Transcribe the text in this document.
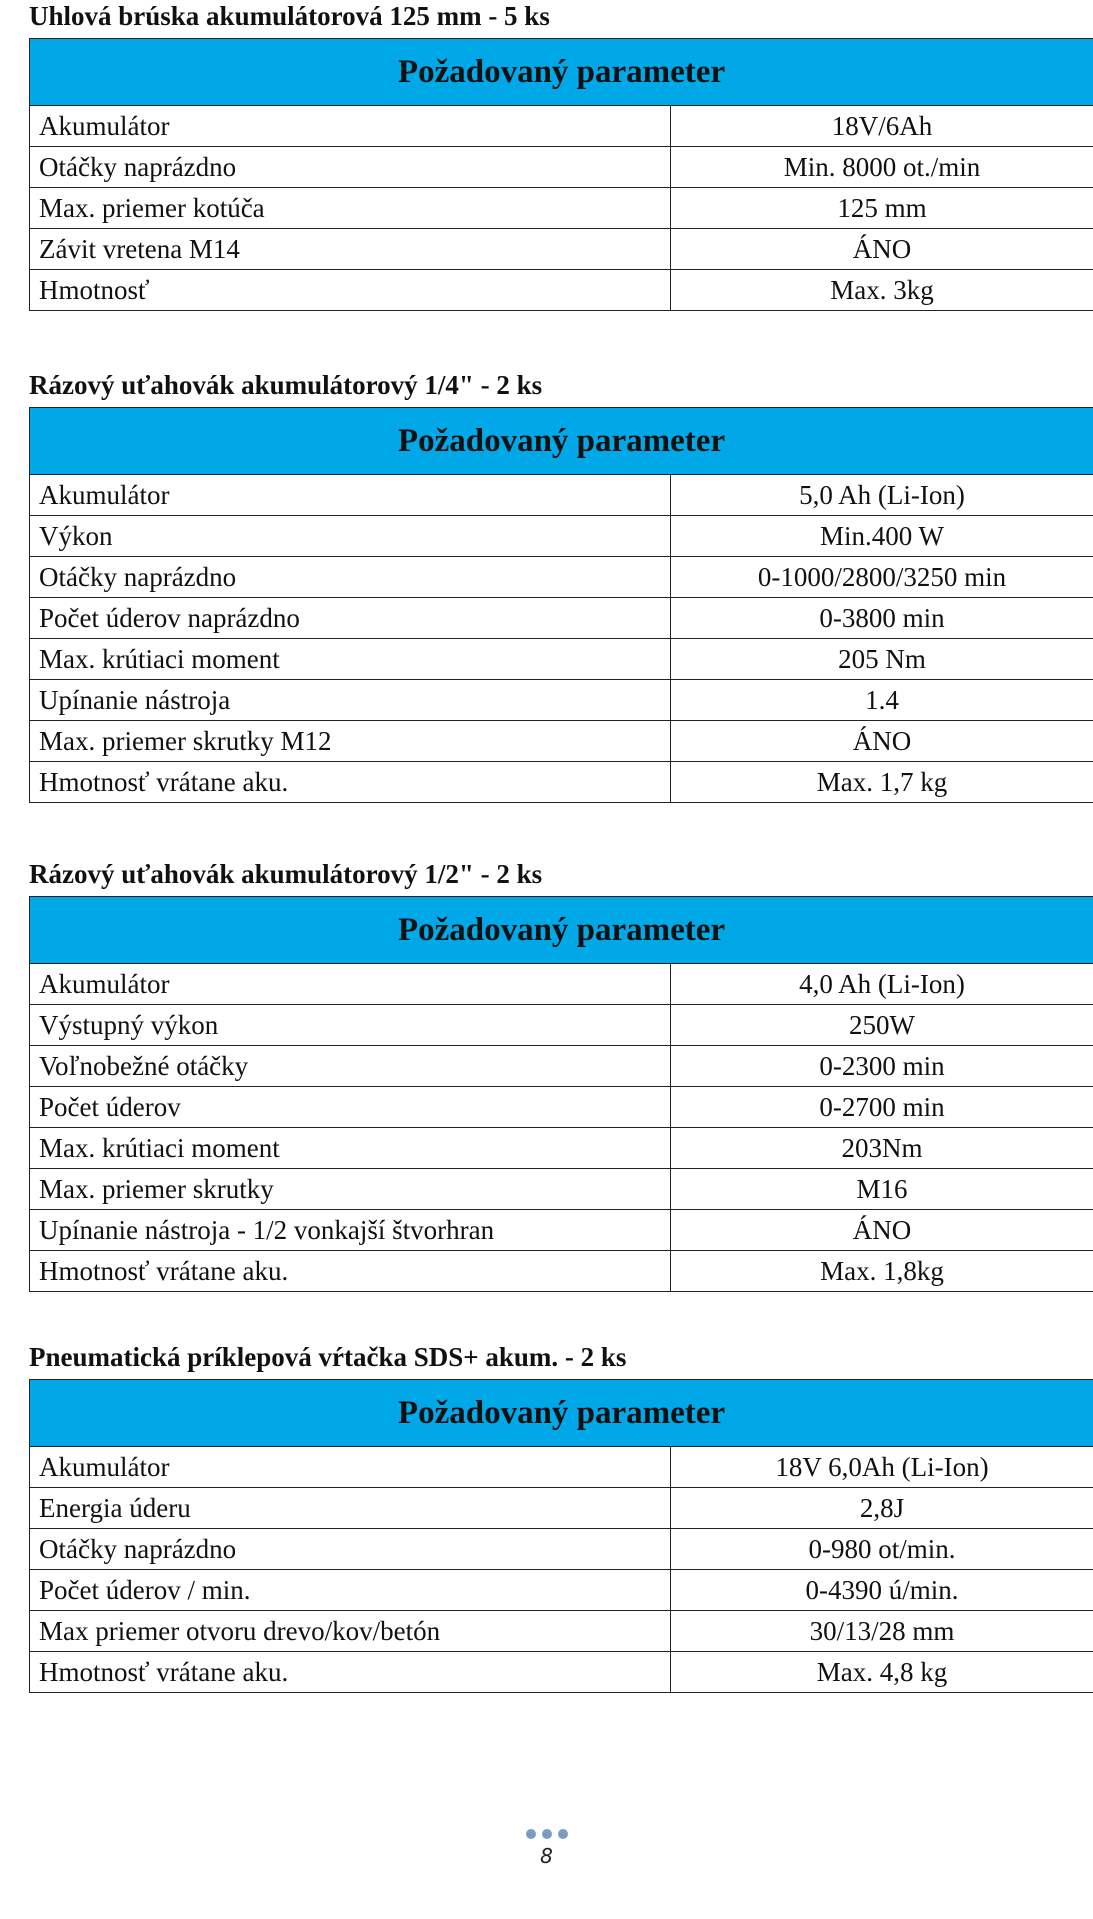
Uhlová brúska akumulátorová 125 mm - 5 ks
Požadovaný parameter	
Akumulátor	18V/6Ah
Otáčky naprázdno	Min. 8000 ot./min
Max. priemer kotúča	125 mm
Závit vretena M14	ÁNO
Hmotnosť	Max. 3kg
Rázový uťahovák akumulátorový 1/4" - 2 ks
Požadovaný parameter	
Akumulátor	5,0 Ah (Li-Ion)
Výkon	Min.400 W
Otáčky naprázdno	0-1000/2800/3250 min
Počet úderov naprázdno	0-3800 min
Max. krútiaci moment	205 Nm
Upínanie nástroja	1.4
Max. priemer skrutky M12	ÁNO
Hmotnosť vrátane aku.	Max. 1,7 kg
Rázový uťahovák akumulátorový 1/2" - 2 ks
Požadovaný parameter	
Akumulátor	4,0 Ah (Li-Ion)
Výstupný výkon	250W
Voľnobežné otáčky	0-2300 min
Počet úderov	0-2700 min
Max. krútiaci moment	203Nm
Max. priemer skrutky	M16
Upínanie nástroja - 1/2 vonkajší štvorhran	ÁNO
Hmotnosť vrátane aku.	Max. 1,8kg
Pneumatická príklepová vŕtačka SDS+ akum. - 2 ks
Požadovaný parameter	
Akumulátor	18V 6,0Ah (Li-Ion)
Energia úderu	2,8J
Otáčky naprázdno	0-980 ot/min.
Počet úderov / min.	0-4390 ú/min.
Max priemer otvoru drevo/kov/betón	30/13/28 mm
Hmotnosť vrátane aku.	Max. 4,8 kg
8
